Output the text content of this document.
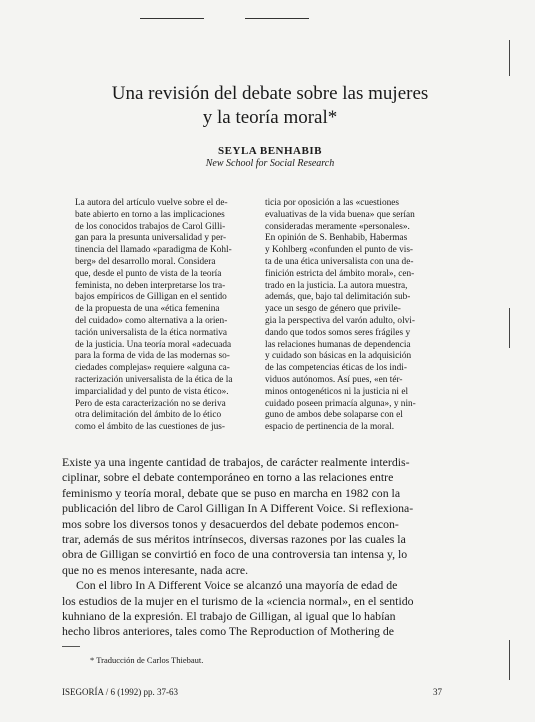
Una revisión del debate sobre las mujeres
y la teoría moral*
SEYLA BENHABIB
New School for Social Research
La autora del artículo vuelve sobre el de-
bate abierto en torno a las implicaciones
de los conocidos trabajos de Carol Gilli-
gan para la presunta universalidad y per-
tinencia del llamado «paradigma de Kohl-
berg» del desarrollo moral. Considera
que, desde el punto de vista de la teoría
feminista, no deben interpretarse los tra-
bajos empíricos de Gilligan en el sentido
de la propuesta de una «ética femenina
del cuidado» como alternativa a la orien-
tación universalista de la ética normativa
de la justicia. Una teoría moral «adecuada
para la forma de vida de las modernas so-
ciedades complejas» requiere «alguna ca-
racterización universalista de la ética de la
imparcialidad y del punto de vista ético».
Pero de esta caracterización no se deriva
otra delimitación del ámbito de lo ético
como el ámbito de las cuestiones de jus-
ticia por oposición a las «cuestiones
evaluativas de la vida buena» que serían
consideradas meramente «personales».
En opinión de S. Benhabib, Habermas
y Kohlberg «confunden el punto de vis-
ta de una ética universalista con una de-
finición estricta del ámbito moral», cen-
trado en la justicia. La autora muestra,
además, que, bajo tal delimitación sub-
yace un sesgo de género que privile-
gia la perspectiva del varón adulto, olvi-
dando que todos somos seres frágiles y
las relaciones humanas de dependencia
y cuidado son básicas en la adquisición
de las competencias éticas de los indi-
viduos autónomos. Así pues, «en tér-
minos ontogenéticos ni la justicia ni el
cuidado poseen primacía alguna», y nin-
guno de ambos debe solaparse con el
espacio de pertinencia de la moral.
Existe ya una ingente cantidad de trabajos, de carácter realmente interdis-
ciplinar, sobre el debate contemporáneo en torno a las relaciones entre
feminismo y teoría moral, debate que se puso en marcha en 1982 con la
publicación del libro de Carol Gilligan In A Different Voice. Si reflexiona-
mos sobre los diversos tonos y desacuerdos del debate podemos encon-
trar, además de sus méritos intrínsecos, diversas razones por las cuales la
obra de Gilligan se convirtió en foco de una controversia tan intensa y, lo
que no es menos interesante, nada acre.
Con el libro In A Different Voice se alcanzó una mayoría de edad de
los estudios de la mujer en el turismo de la «ciencia normal», en el sentido
kuhniano de la expresión. El trabajo de Gilligan, al igual que lo habían
hecho libros anteriores, tales como The Reproduction of Mothering de
* Traducción de Carlos Thiebaut.
ISEGORÍA / 6 (1992) pp. 37-63	37
